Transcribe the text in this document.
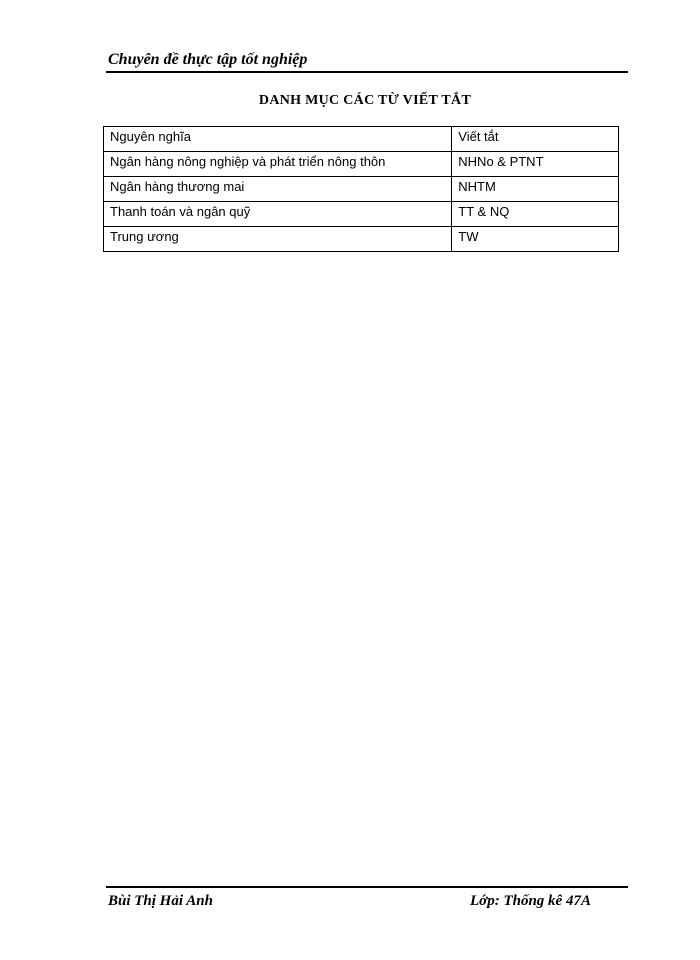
Chuyên đề thực tập tốt nghiệp
DANH MỤC CÁC TỪ VIẾT TẮT
Nguyên nghĩa	Viết tắt
Ngân hàng nông nghiệp và phát triển nông thôn	NHNo & PTNT
Ngân hàng thương mai	NHTM
Thanh toán và ngân quỹ	TT & NQ
Trung ương	TW
Bùi Thị Hải Anh	Lớp: Thống kê 47A
